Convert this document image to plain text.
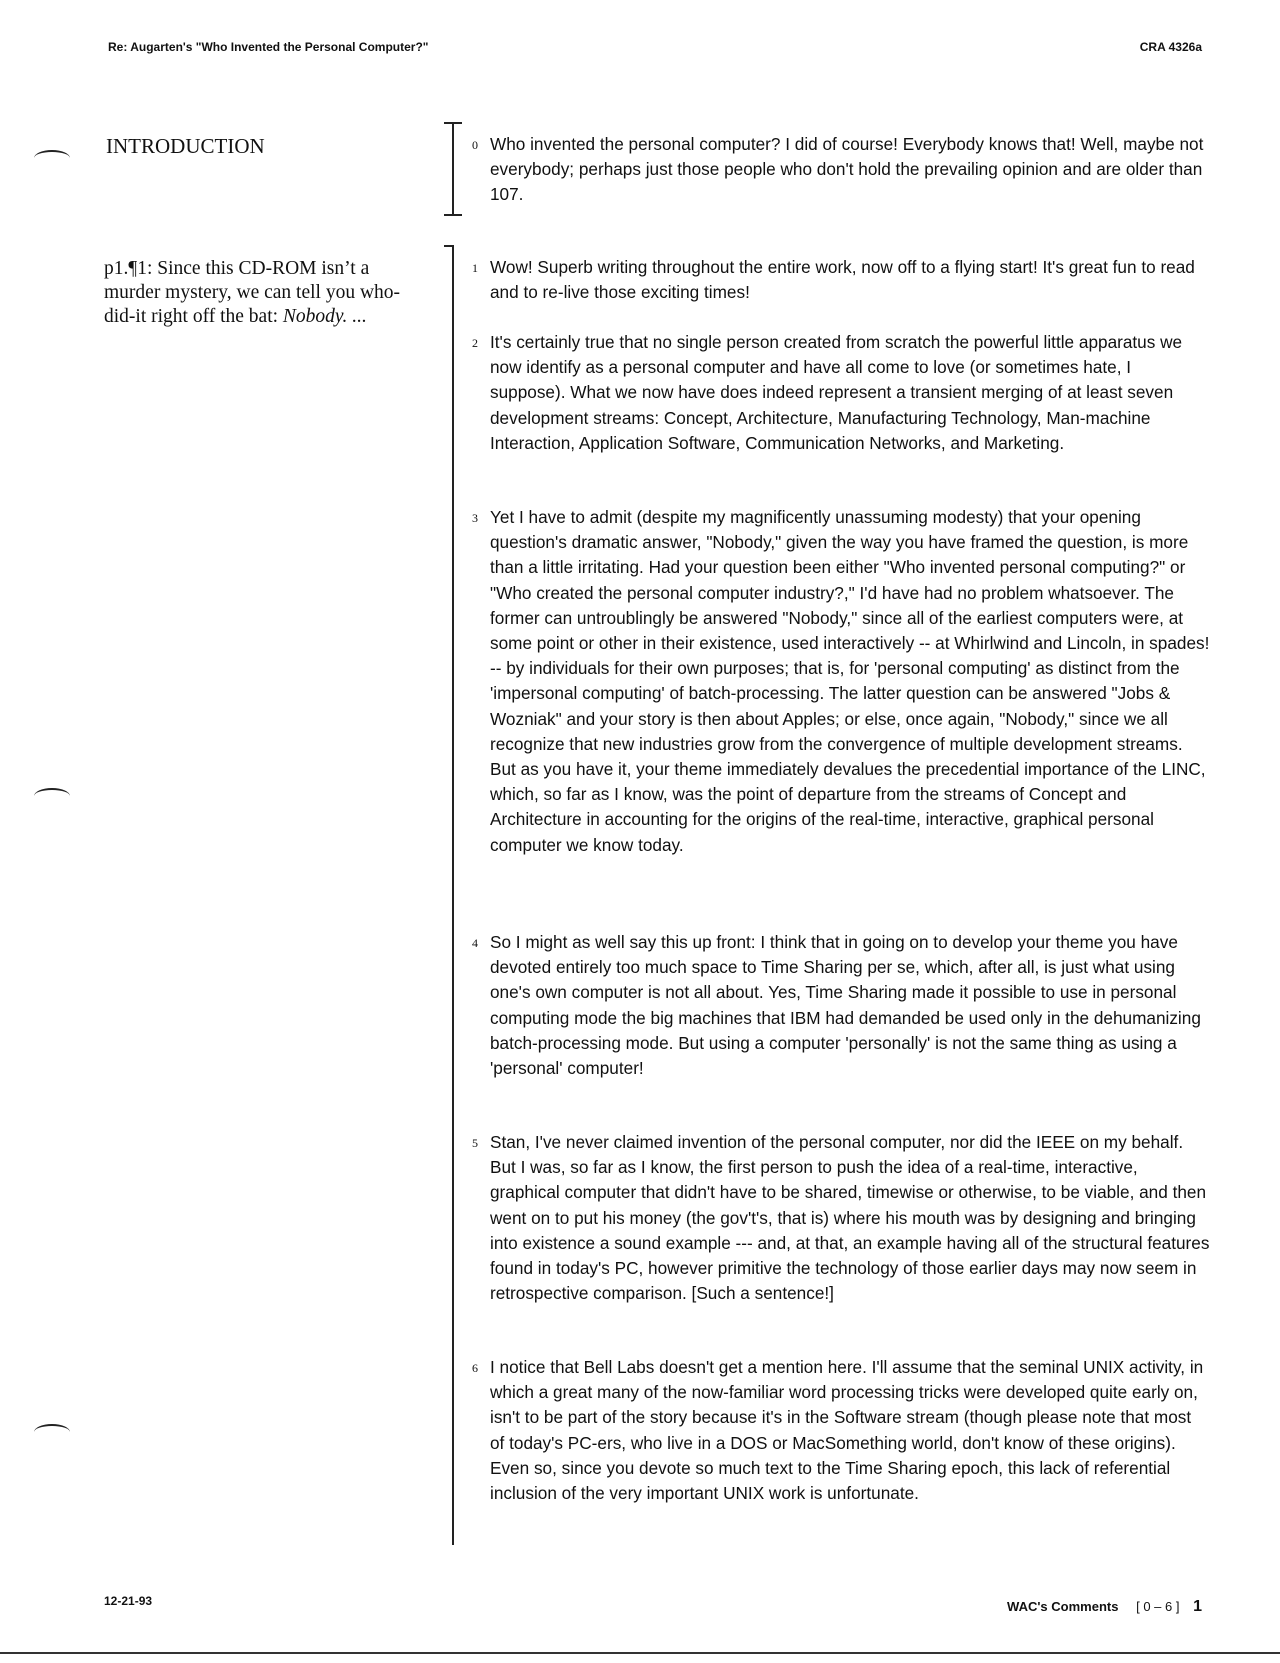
Re: Augarten's "Who Invented the Personal Computer?"	CRA 4326a
INTRODUCTION
p1.¶1: Since this CD-ROM isn’t a murder mystery, we can tell you who-did-it right off the bat: Nobody. ...
0 Who invented the personal computer? I did of course! Everybody knows that! Well, maybe not everybody; perhaps just those people who don't hold the prevailing opinion and are older than 107.
1 Wow! Superb writing throughout the entire work, now off to a flying start! It's great fun to read and to re-live those exciting times!
2 It's certainly true that no single person created from scratch the powerful little apparatus we now identify as a personal computer and have all come to love (or sometimes hate, I suppose). What we now have does indeed represent a transient merging of at least seven development streams: Concept, Architecture, Manufacturing Technology, Man-machine Interaction, Application Software, Communication Networks, and Marketing.
3 Yet I have to admit (despite my magnificently unassuming modesty) that your opening question's dramatic answer, "Nobody," given the way you have framed the question, is more than a little irritating. Had your question been either "Who invented personal computing?" or "Who created the personal computer industry?," I'd have had no problem whatsoever. The former can untroublingly be answered "Nobody," since all of the earliest computers were, at some point or other in their existence, used interactively -- at Whirlwind and Lincoln, in spades! -- by individuals for their own purposes; that is, for 'personal computing' as distinct from the 'impersonal computing' of batch-processing. The latter question can be answered "Jobs & Wozniak" and your story is then about Apples; or else, once again, "Nobody," since we all recognize that new industries grow from the convergence of multiple development streams. But as you have it, your theme immediately devalues the precedential importance of the LINC, which, so far as I know, was the point of departure from the streams of Concept and Architecture in accounting for the origins of the real-time, interactive, graphical personal computer we know today.
4 So I might as well say this up front: I think that in going on to develop your theme you have devoted entirely too much space to Time Sharing per se, which, after all, is just what using one's own computer is not all about. Yes, Time Sharing made it possible to use in personal computing mode the big machines that IBM had demanded be used only in the dehumanizing batch-processing mode. But using a computer 'personally' is not the same thing as using a 'personal' computer!
5 Stan, I've never claimed invention of the personal computer, nor did the IEEE on my behalf. But I was, so far as I know, the first person to push the idea of a real-time, interactive, graphical computer that didn't have to be shared, timewise or otherwise, to be viable, and then went on to put his money (the gov't's, that is) where his mouth was by designing and bringing into existence a sound example --- and, at that, an example having all of the structural features found in today's PC, however primitive the technology of those earlier days may now seem in retrospective comparison. [Such a sentence!]
6 I notice that Bell Labs doesn't get a mention here. I'll assume that the seminal UNIX activity, in which a great many of the now-familiar word processing tricks were developed quite early on, isn't to be part of the story because it's in the Software stream (though please note that most of today's PC-ers, who live in a DOS or MacSomething world, don't know of these origins). Even so, since you devote so much text to the Time Sharing epoch, this lack of referential inclusion of the very important UNIX work is unfortunate.
12-21-93	WAC's Comments [ 0 – 6 ] 1
